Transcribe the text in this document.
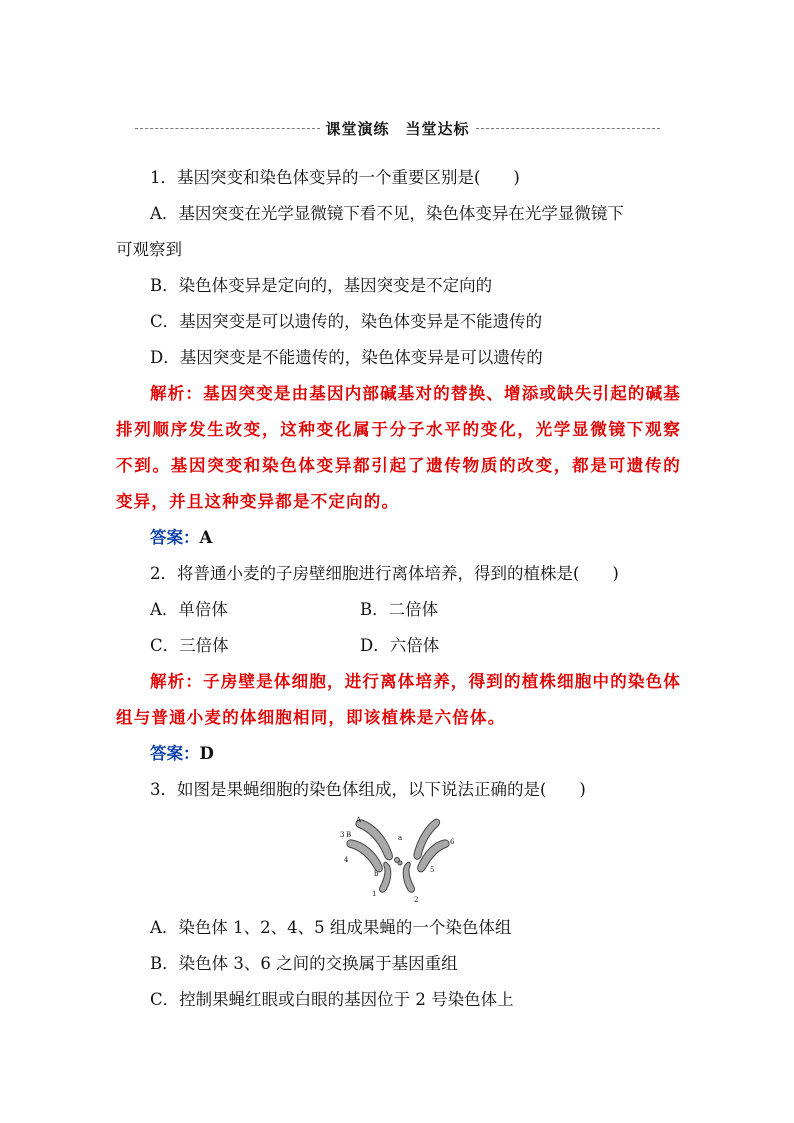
课堂演练　当堂达标
1．基因突变和染色体变异的一个重要区别是(　　)
A．基因突变在光学显微镜下看不见，染色体变异在光学显微镜下
可观察到
B．染色体变异是定向的，基因突变是不定向的
C．基因突变是可以遗传的，染色体变异是不能遗传的
D．基因突变是不能遗传的，染色体变异是可以遗传的
解析：基因突变是由基因内部碱基对的替换、增添或缺失引起的碱基排列顺序发生改变，这种变化属于分子水平的变化，光学显微镜下观察不到。基因突变和染色体变异都引起了遗传物质的改变，都是可遗传的变异，并且这种变异都是不定向的。
答案：A
2．将普通小麦的子房壁细胞进行离体培养，得到的植株是(　　)
A．单倍体	B．二倍体
C．三倍体	D．六倍体
解析：子房壁是体细胞，进行离体培养，得到的植株细胞中的染色体组与普通小麦的体细胞相同，即该植株是六倍体。
答案：D
3．如图是果蝇细胞的染色体组成，以下说法正确的是(　　)
A
a
B
b
1
2
3
4
5
6
A．染色体 1、2、4、5 组成果蝇的一个染色体组
B．染色体 3、6 之间的交换属于基因重组
C．控制果蝇红眼或白眼的基因位于 2 号染色体上
